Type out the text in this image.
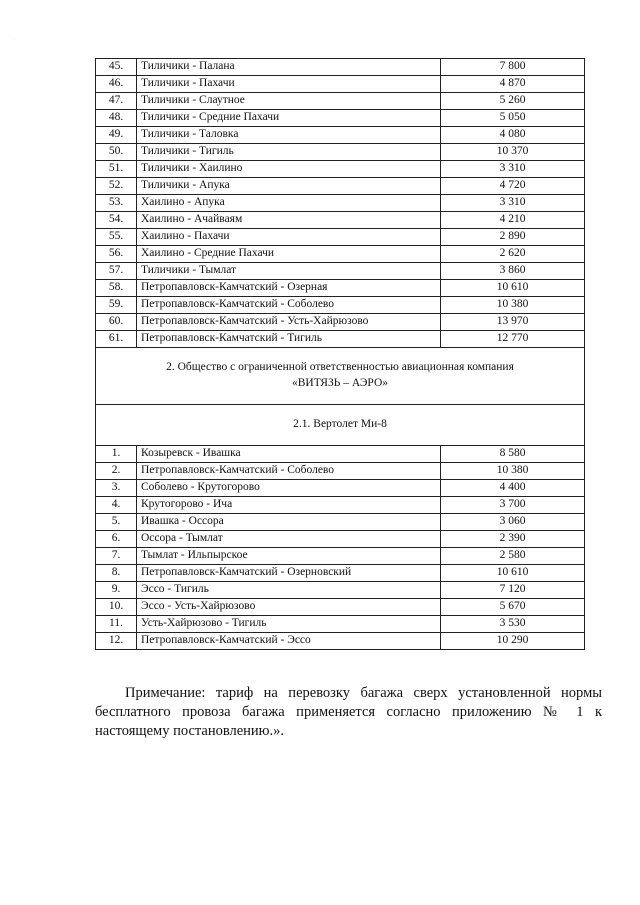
·
45.	Тиличики - Палана	7 800
46.	Тиличики - Пахачи	4 870
47.	Тиличики - Слаутное	5 260
48.	Тиличики - Средние Пахачи	5 050
49.	Тиличики - Таловка	4 080
50.	Тиличики - Тигиль	10 370
51.	Тиличики - Хаилино	3 310
52.	Тиличики - Апука	4 720
53.	Хаилино - Апука	3 310
54.	Хаилино - Ачайваям	4 210
55.	Хаилино - Пахачи	2 890
56.	Хаилино - Средние Пахачи	2 620
57.	Тиличики - Тымлат	3 860
58.	Петропавловск-Камчатский - Озерная	10 610
59.	Петропавловск-Камчатский - Соболево	10 380
60.	Петропавловск-Камчатский - Усть-Хайрюзово	13 970
61.	Петропавловск-Камчатский - Тигиль	12 770
2. Общество с ограниченной ответственностью авиационная компания
«ВИТЯЗЬ – АЭРО»		
2.1. Вертолет Ми-8		
1.	Козыревск - Ивашка	8 580
2.	Петропавловск-Камчатский - Соболево	10 380
3.	Соболево - Крутогорово	4 400
4.	Крутогорово - Ича	3 700
5.	Ивашка - Оссора	3 060
6.	Оссора - Тымлат	2 390
7.	Тымлат - Ильпырское	2 580
8.	Петропавловск-Камчатский - Озерновский	10 610
9.	Эссо - Тигиль	7 120
10.	Эссо - Усть-Хайрюзово	5 670
11.	Усть-Хайрюзово - Тигиль	3 530
12.	Петропавловск-Камчатский - Эссо	10 290

Примечание: тариф на перевозку багажа сверх установленной нормы бесплатного провоза багажа применяется согласно приложению № 1 к настоящему постановлению.».
